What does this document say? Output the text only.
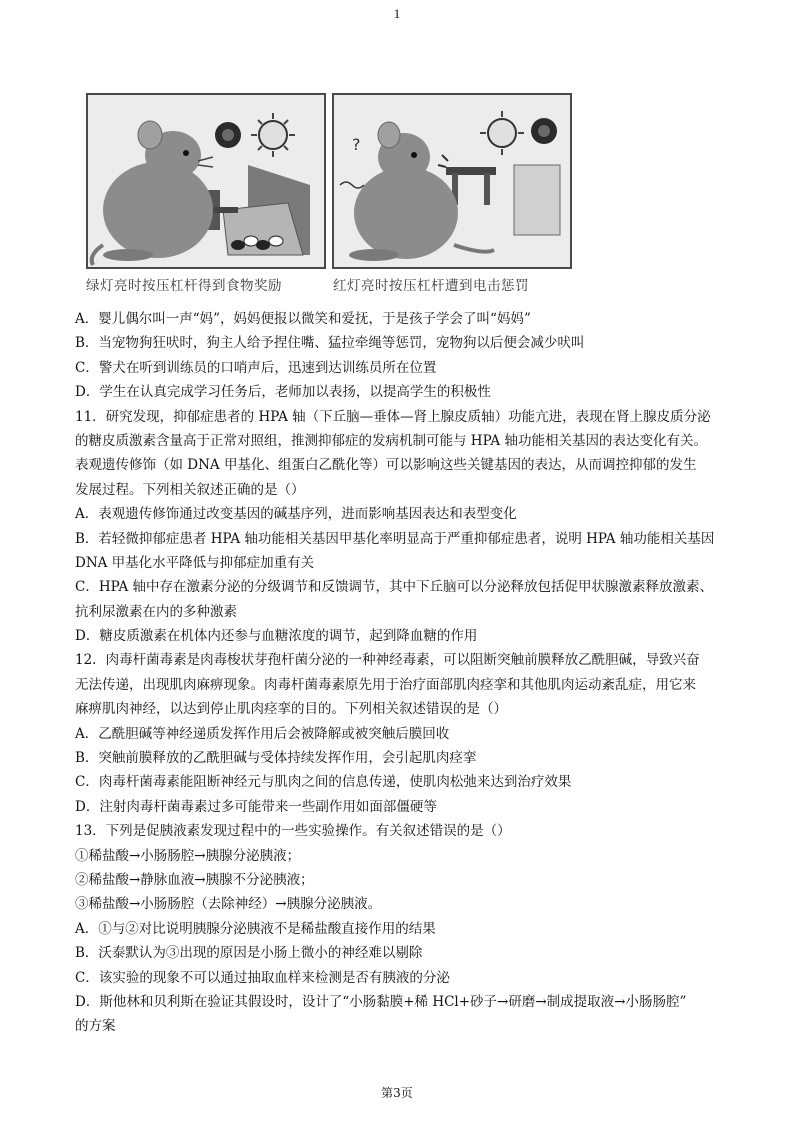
1
?
绿灯亮时按压杠杆得到食物奖励	红灯亮时按压杠杆遭到电击惩罚
A．婴儿偶尔叫一声“妈”，妈妈便报以微笑和爱抚，于是孩子学会了叫“妈妈”
B．当宠物狗狂吠时，狗主人给予捏住嘴、猛拉牵绳等惩罚，宠物狗以后便会减少吠叫
C．警犬在听到训练员的口哨声后，迅速到达训练员所在位置
D．学生在认真完成学习任务后，老师加以表扬，以提高学生的积极性
11．研究发现，抑郁症患者的 HPA 轴（下丘脑—垂体—肾上腺皮质轴）功能亢进，表现在肾上腺皮质分泌
的糖皮质激素含量高于正常对照组，推测抑郁症的发病机制可能与 HPA 轴功能相关基因的表达变化有关。
表观遗传修饰（如 DNA 甲基化、组蛋白乙酰化等）可以影响这些关键基因的表达，从而调控抑郁的发生
发展过程。下列相关叙述正确的是（）
A．表观遗传修饰通过改变基因的碱基序列，进而影响基因表达和表型变化
B．若轻微抑郁症患者 HPA 轴功能相关基因甲基化率明显高于严重抑郁症患者，说明 HPA 轴功能相关基因
DNA 甲基化水平降低与抑郁症加重有关
C．HPA 轴中存在激素分泌的分级调节和反馈调节，其中下丘脑可以分泌释放包括促甲状腺激素释放激素、
抗利尿激素在内的多种激素
D．糖皮质激素在机体内还参与血糖浓度的调节，起到降血糖的作用
12．肉毒杆菌毒素是肉毒梭状芽孢杆菌分泌的一种神经毒素，可以阻断突触前膜释放乙酰胆碱，导致兴奋
无法传递，出现肌肉麻痹现象。肉毒杆菌毒素原先用于治疗面部肌肉痉挛和其他肌肉运动紊乱症，用它来
麻痹肌肉神经，以达到停止肌肉痉挛的目的。下列相关叙述错误的是（）
A．乙酰胆碱等神经递质发挥作用后会被降解或被突触后膜回收
B．突触前膜释放的乙酰胆碱与受体持续发挥作用，会引起肌肉痉挛
C．肉毒杆菌毒素能阻断神经元与肌肉之间的信息传递，使肌肉松弛来达到治疗效果
D．注射肉毒杆菌毒素过多可能带来一些副作用如面部僵硬等
13．下列是促胰液素发现过程中的一些实验操作。有关叙述错误的是（）
①稀盐酸→小肠肠腔→胰腺分泌胰液；
②稀盐酸→静脉血液→胰腺不分泌胰液；
③稀盐酸→小肠肠腔（去除神经）→胰腺分泌胰液。
A．①与②对比说明胰腺分泌胰液不是稀盐酸直接作用的结果
B．沃泰默认为③出现的原因是小肠上微小的神经难以剔除
C．该实验的现象不可以通过抽取血样来检测是否有胰液的分泌
D．斯他林和贝利斯在验证其假设时，设计了“小肠黏膜+稀 HCl+砂子→研磨→制成提取液→小肠肠腔”
的方案
第3页
